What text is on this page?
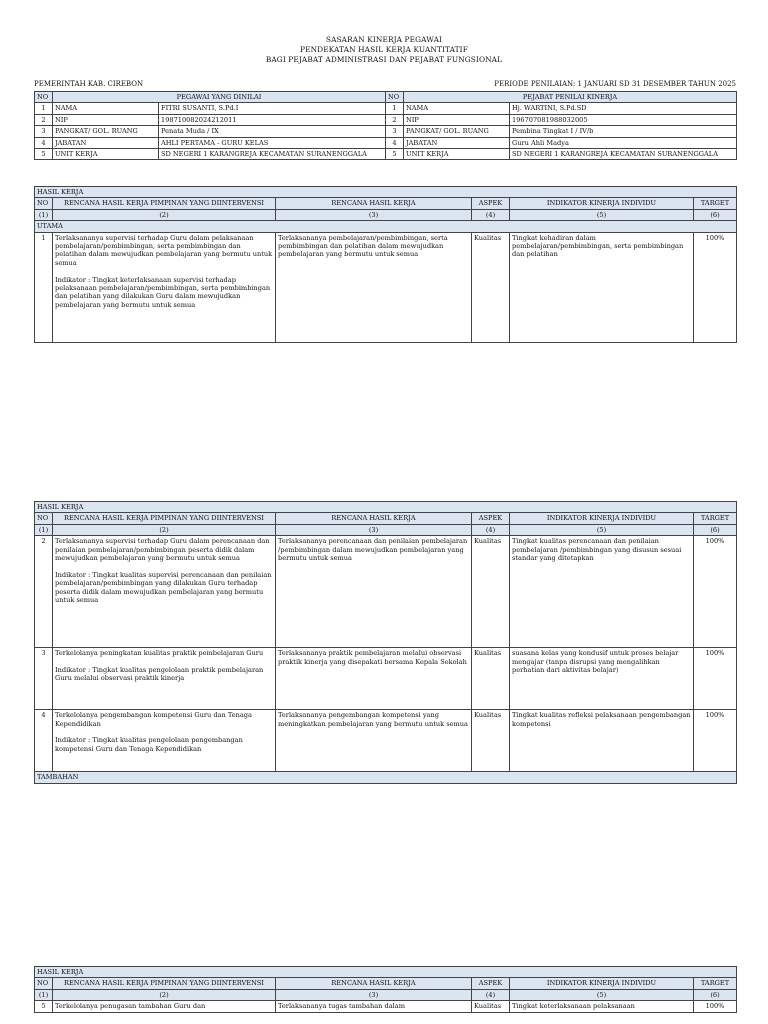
SASARAN KINERJA PEGAWAI
PENDEKATAN HASIL KERJA KUANTITATIF
BAGI PEJABAT ADMINISTRASI DAN PEJABAT FUNGSIONAL
PEMERINTAH KAB. CIREBON	PERIODE PENILAIAN: 1 JANUARI SD 31 DESEMBER TAHUN 2025
NO	PEGAWAI YANG DINILAI		NO	PEJABAT PENILAI KINERJA	
1	NAMA	FITRI SUSANTI, S.Pd.I	1	NAMA	Hj. WARTINI, S.Pd.SD
2	NIP	198710082024212011	2	NIP	196707081988032005
3	PANGKAT/ GOL. RUANG	Penata Muda / IX	3	PANGKAT/ GOL. RUANG	Pembina Tingkat I / IV/b
4	JABATAN	AHLI PERTAMA - GURU KELAS	4	JABATAN	Guru Ahli Madya
5	UNIT KERJA	SD NEGERI 1 KARANGREJA KECAMATAN SURANENGGALA	5	UNIT KERJA	SD NEGERI 1 KARANGREJA KECAMATAN SURANENGGALA
HASIL KERJA					
NO	RENCANA HASIL KERJA PIMPINAN YANG DIINTERVENSI	RENCANA HASIL KERJA	ASPEK	INDIKATOR KINERJA INDIVIDU	TARGET
(1)	(2)	(3)	(4)	(5)	(6)
UTAMA					
1	Terlaksananya supervisi terhadap Guru dalam pelaksanaan pembelajaran/pembimbingan, serta pembimbingan dan pelatihan dalam mewujudkan pembelajaran yang bermutu untuk semua

Indikator : Tingkat keterlaksanaan supervisi terhadap pelaksanaan pembelajaran/pembimbingan, serta pembimbingan dan pelatihan yang dilakukan Guru dalam mewujudkan pembelajaran yang bermutu untuk semua	Terlaksananya pembelajaran/pembimbingan, serta pembimbingan dan pelatihan dalam mewujudkan pembelajaran yang bermutu untuk semua	Kualitas	Tingkat kehadiran dalam pembelajaran/pembimbingan, serta pembimbingan dan pelatihan	100%
HASIL KERJA					
NO	RENCANA HASIL KERJA PIMPINAN YANG DIINTERVENSI	RENCANA HASIL KERJA	ASPEK	INDIKATOR KINERJA INDIVIDU	TARGET
(1)	(2)	(3)	(4)	(5)	(6)
2	Terlaksananya supervisi terhadap Guru dalam perencanaan dan penilaian pembelajaran/pembimbingan peserta didik dalam mewujudkan pembelajaran yang bermutu untuk semua

Indikator : Tingkat kualitas supervisi perencanaan dan penilaian pembelajaran/pembimbingan yang dilakukan Guru terhadap peserta didik dalam mewujudkan pembelajaran yang bermutu untuk semua	Terlaksananya perencanaan dan penilaian pembelajaran /pembimbingan dalam mewujudkan pembelajaran yang bermutu untuk semua	Kualitas	Tingkat kualitas perencanaan dan penilaian pembelajaran /pembimbingan yang disusun sesuai standar yang ditetapkan	100%
3	Terkelolanya peningkatan kualitas praktik pembelajaran Guru

Indikator : Tingkat kualitas pengelolaan praktik pembelajaran Guru melalui observasi praktik kinerja	Terlaksananya praktik pembelajaran melalui observasi praktik kinerja yang disepakati bersama Kepala Sekolah	Kualitas	suasana kelas yang kondusif untuk proses belajar mengajar (tanpa disrupsi yang mengalihkan perhatian dari aktivitas belajar)	100%
4	Terkelolanya pengembangan kompetensi Guru dan Tenaga Kependidikan

Indikator : Tingkat kualitas pengelolaan pengembangan kompetensi Guru dan Tenaga Kependidikan	Terlaksananya pengembangan kompetensi yang meningkatkan pembelajaran yang bermutu untuk semua	Kualitas	Tingkat kualitas refleksi pelaksanaan pengembangan kompetensi	100%
TAMBAHAN					
HASIL KERJA					
NO	RENCANA HASIL KERJA PIMPINAN YANG DIINTERVENSI	RENCANA HASIL KERJA	ASPEK	INDIKATOR KINERJA INDIVIDU	TARGET
(1)	(2)	(3)	(4)	(5)	(6)
5	Terkelolanya penugasan tambahan Guru dan	Terlaksananya tugas tambahan dalam	Kualitas	Tingkat keterlaksanaan pelaksanaan	100%
